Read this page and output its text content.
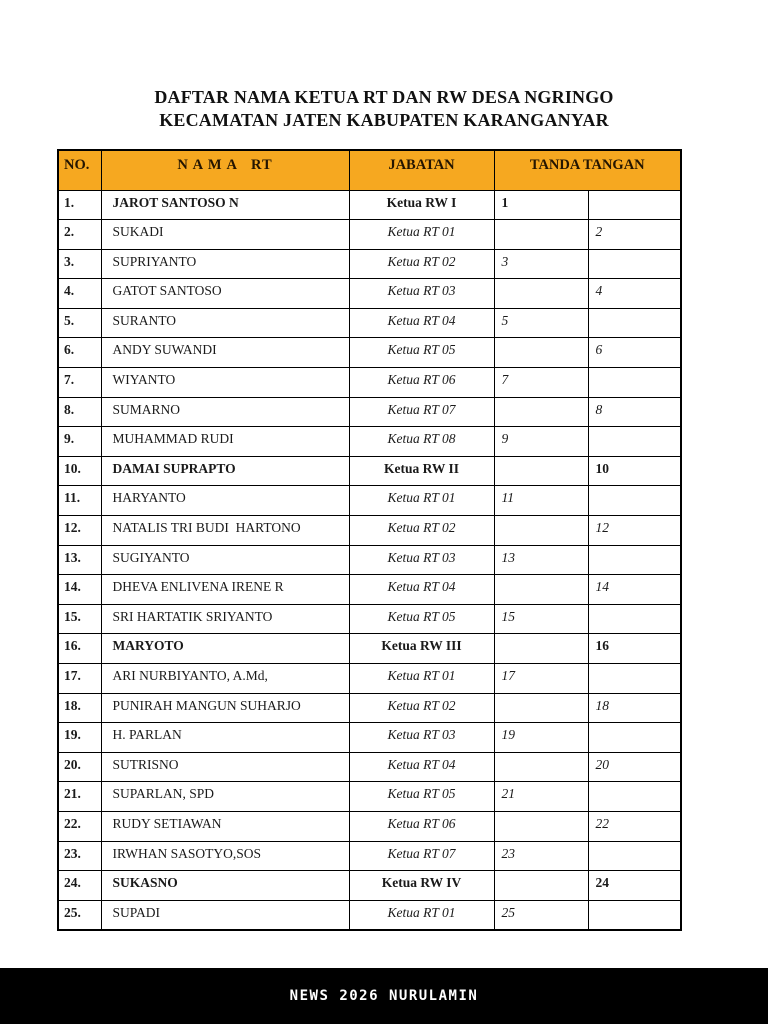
DAFTAR NAMA KETUA RT DAN RW DESA NGRINGO
KECAMATAN JATEN KABUPATEN KARANGANYAR
NO.	N A M A   RT	JABATAN	TANDA TANGAN	
1.	JAROT SANTOSO N	Ketua RW I	1	
2.	SUKADI	Ketua RT 01		2
3.	SUPRIYANTO	Ketua RT 02	3	
4.	GATOT SANTOSO	Ketua RT 03		4
5.	SURANTO	Ketua RT 04	5	
6.	ANDY SUWANDI	Ketua RT 05		6
7.	WIYANTO	Ketua RT 06	7	
8.	SUMARNO	Ketua RT 07		8
9.	MUHAMMAD RUDI	Ketua RT 08	9	
10.	DAMAI SUPRAPTO	Ketua RW II		10
11.	HARYANTO	Ketua RT 01	11	
12.	NATALIS TRI BUDI  HARTONO	Ketua RT 02		12
13.	SUGIYANTO	Ketua RT 03	13	
14.	DHEVA ENLIVENA IRENE R	Ketua RT 04		14
15.	SRI HARTATIK SRIYANTO	Ketua RT 05	15	
16.	MARYOTO	Ketua RW III		16
17.	ARI NURBIYANTO, A.Md,	Ketua RT 01	17	
18.	PUNIRAH MANGUN SUHARJO	Ketua RT 02		18
19.	H. PARLAN	Ketua RT 03	19	
20.	SUTRISNO	Ketua RT 04		20
21.	SUPARLAN, SPD	Ketua RT 05	21	
22.	RUDY SETIAWAN	Ketua RT 06		22
23.	IRWHAN SASOTYO,SOS	Ketua RT 07	23	
24.	SUKASNO	Ketua RW IV		24
25.	SUPADI	Ketua RT 01	25	
NEWS 2026 NURULAMIN
